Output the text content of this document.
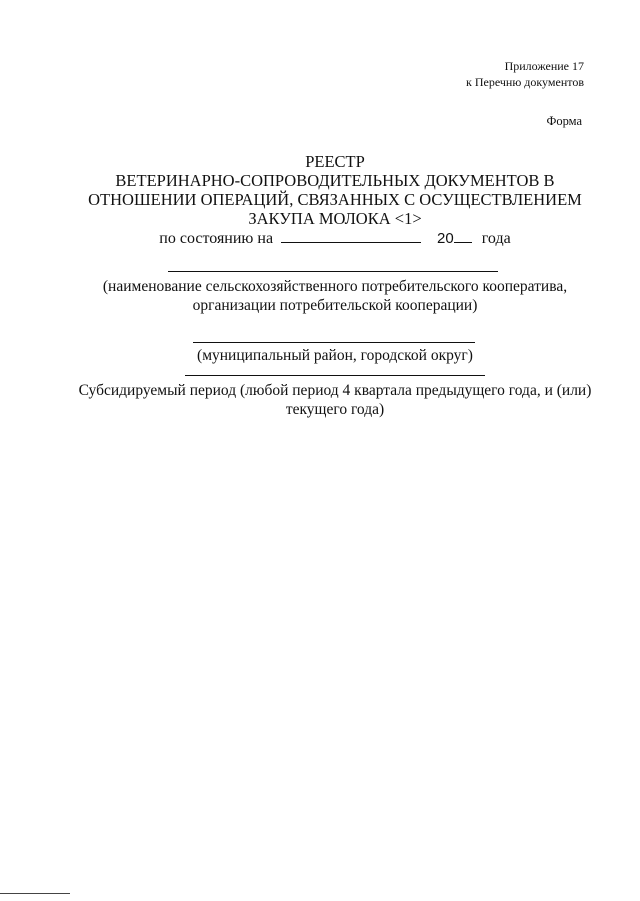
Приложение 17
к Перечню документов
Форма
РЕЕСТР
ВЕТЕРИНАРНО-СОПРОВОДИТЕЛЬНЫХ ДОКУМЕНТОВ В
ОТНОШЕНИИ ОПЕРАЦИЙ, СВЯЗАННЫХ С ОСУЩЕСТВЛЕНИЕМ
ЗАКУПА МОЛОКА <1>
по состоянию на	20 года
(наименование сельскохозяйственного потребительского кооператива,
организации потребительской кооперации)
(муниципальный район, городской округ)
Субсидируемый период (любой период 4 квартала предыдущего года, и (или)
текущего года)
